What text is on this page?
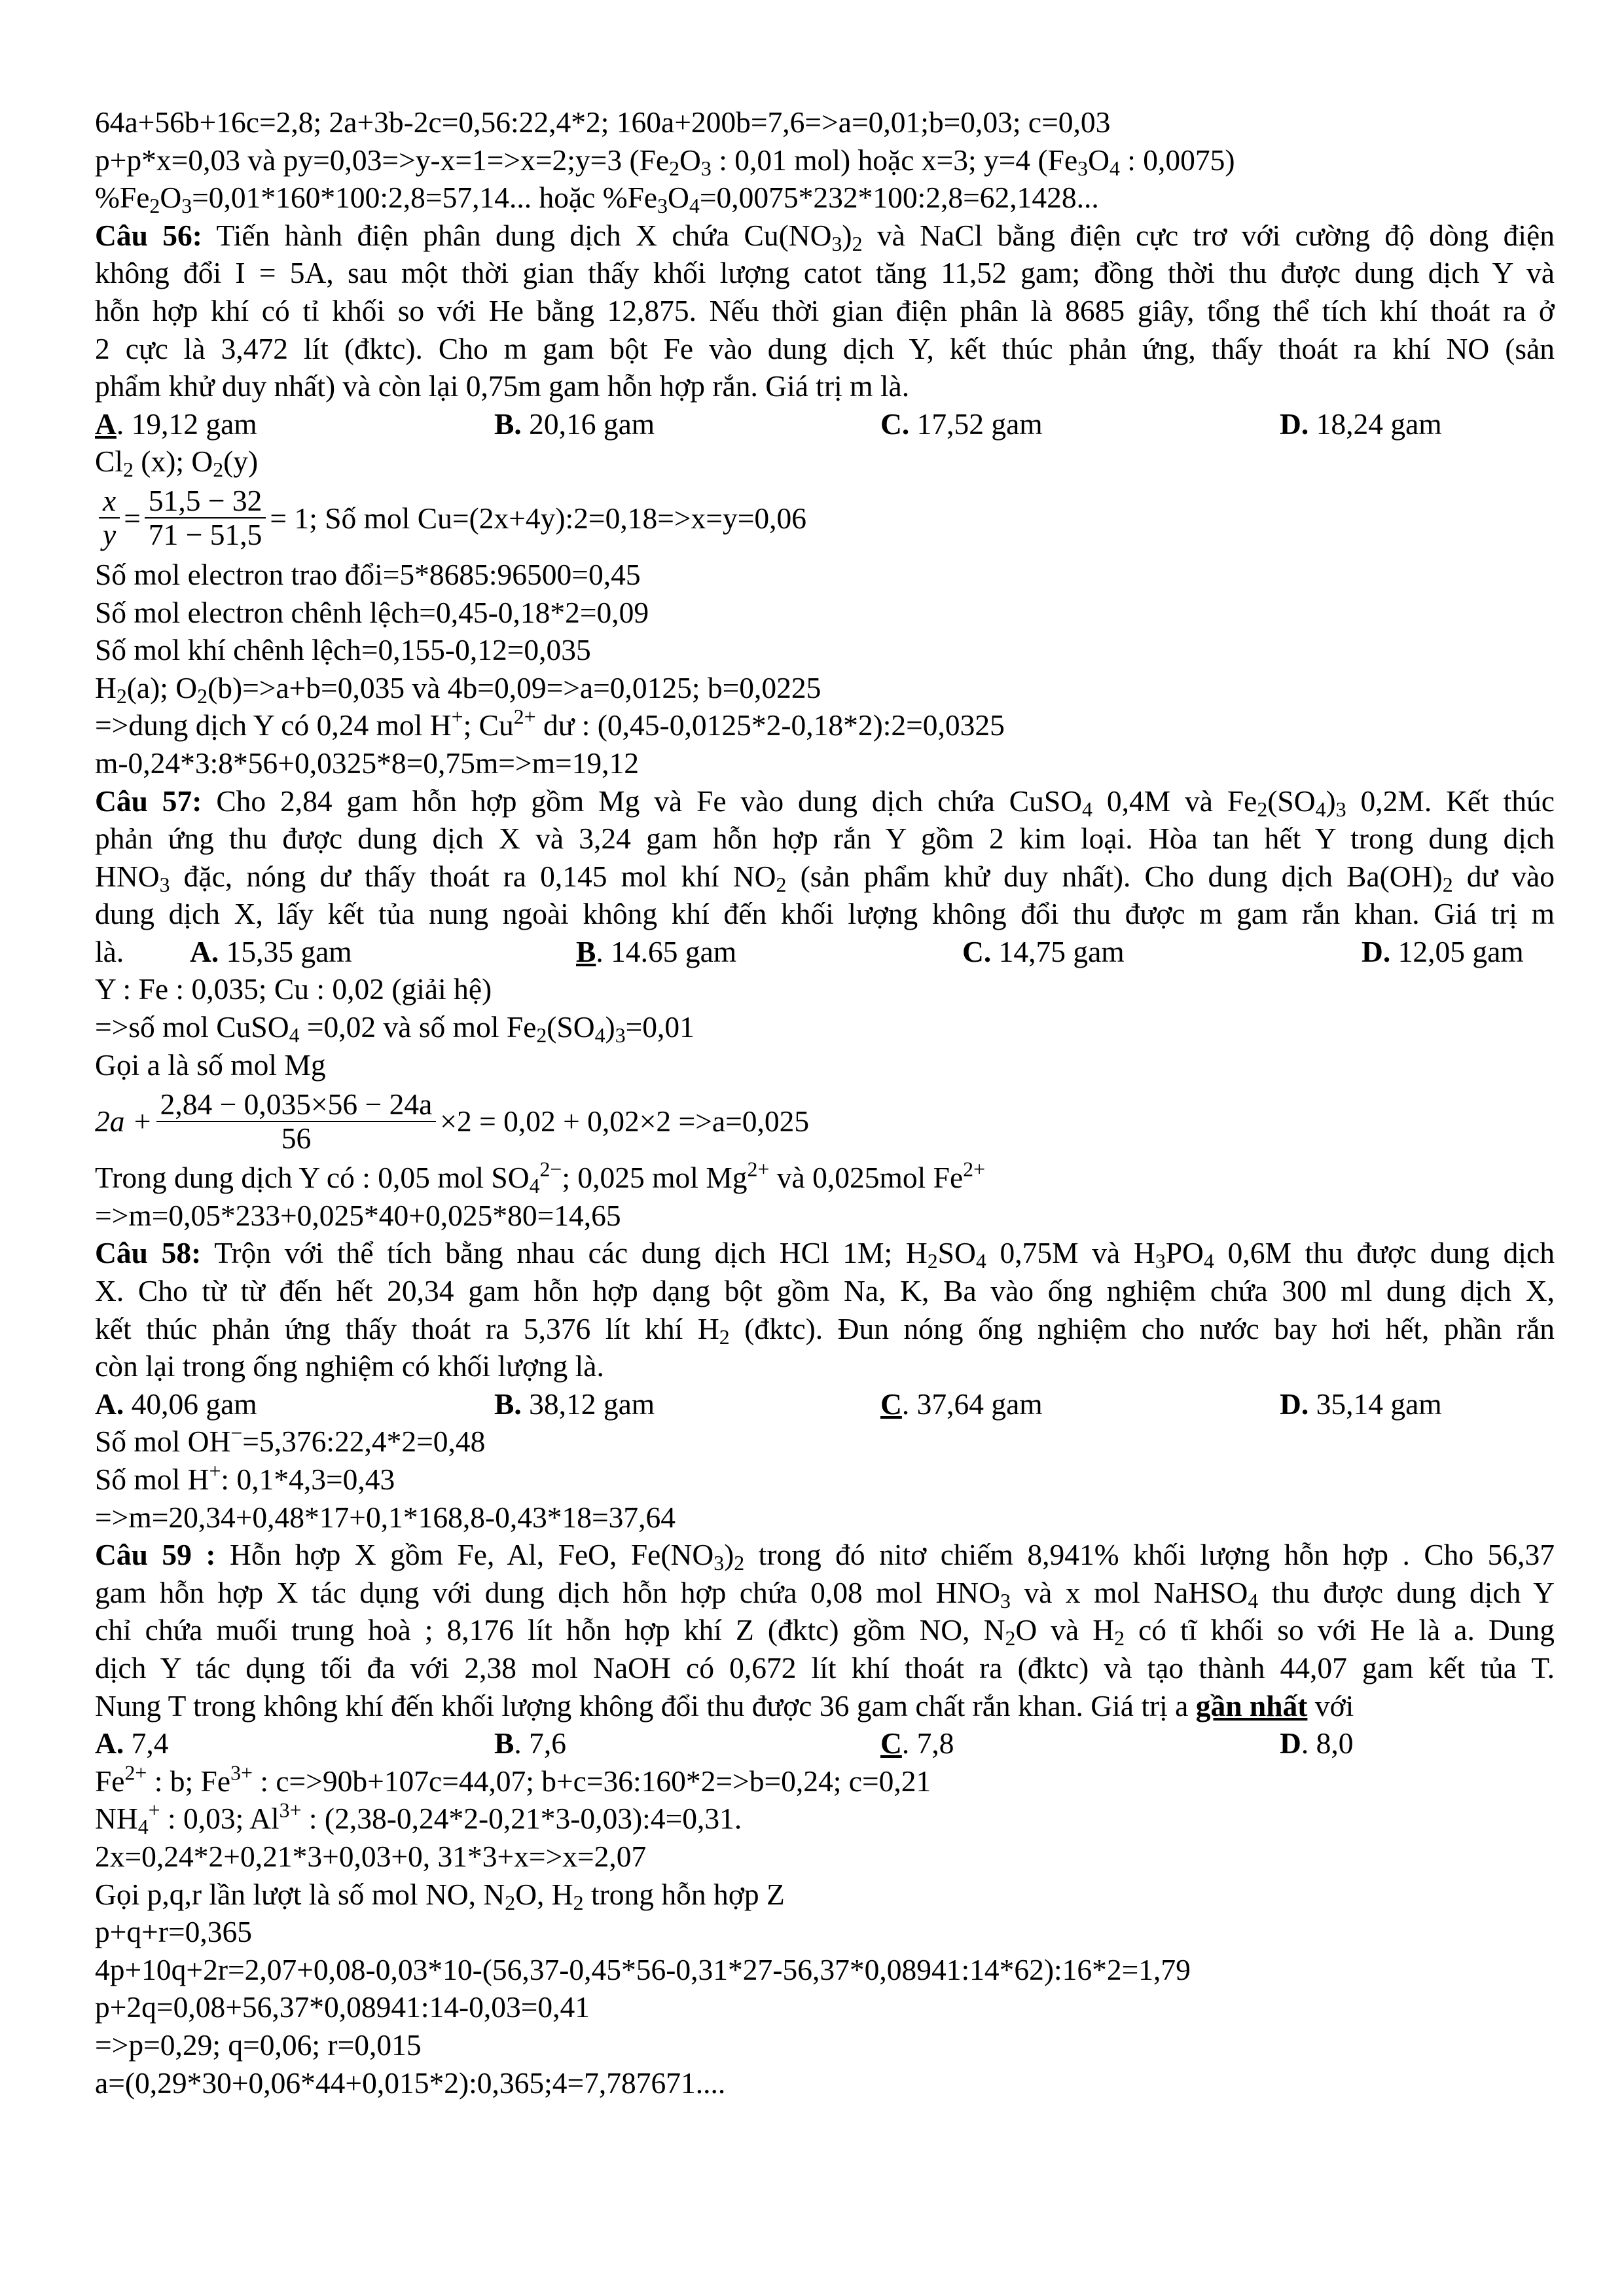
64a+56b+16c=2,8; 2a+3b-2c=0,56:22,4*2; 160a+200b=7,6=>a=0,01;b=0,03; c=0,03
p+p*x=0,03 và py=0,03=>y-x=1=>x=2;y=3 ($Fe_2O_3$ : 0,01 mol) hoặc x=3; y=4 ($Fe_3O_4$ : 0,0075)
$\%Fe_2O_3=0,01*160*100:2,8=57,14$... hoặc $\%Fe_3O_4=0,0075*232*100:2,8=62,1428$...
Câu 56: Tiến hành điện phân dung dịch X chứa $Cu(NO_3)_2$ và NaCl bằng điện cực trơ với cường độ dòng điện
không đổi I = 5A, sau một thời gian thấy khối lượng catot tăng 11,52 gam; đồng thời thu được dung dịch Y và
hỗn hợp khí có tỉ khối so với He bằng 12,875. Nếu thời gian điện phân là 8685 giây, tổng thể tích khí thoát ra ở
2 cực là 3,472 lít (đktc). Cho m gam bột Fe vào dung dịch Y, kết thúc phản ứng, thấy thoát ra khí NO (sản
phẩm khử duy nhất) và còn lại 0,75m gam hỗn hợp rắn. Giá trị m là.
A. 19,12 gam	B. 20,16 gam	C. 17,52 gam	D. 18,24 gam
$Cl_2$ (x); $O_2(y)$
$\frac{x}{y} = \frac{51,5 - 32}{71 - 51,5} = 1$; Số mol Cu=(2x+4y):2=0,18=>x=y=0,06
Số mol electron trao đổi=5*8685:96500=0,45
Số mol electron chênh lệch=0,45-0,18*2=0,09
Số mol khí chênh lệch=0,155-0,12=0,035
$H_2(a)$; $O_2(b)=>a+b=0,035$ và 4b=0,09=>a=0,0125; b=0,0225
=>dung dịch Y có 0,24 mol H+; $Cu^{2+}$ dư : (0,45-0,0125*2-0,18*2):2=0,0325
m-0,24*3:8*56+0,0325*8=0,75m=>m=19,12
Câu 57: Cho 2,84 gam hỗn hợp gồm Mg và Fe vào dung dịch chứa CuSO$_4$ 0,4M và $Fe_2(SO_4)_3$ 0,2M. Kết thúc
phản ứng thu được dung dịch X và 3,24 gam hỗn hợp rắn Y gồm 2 kim loại. Hòa tan hết Y trong dung dịch
$HNO_3$ đặc, nóng dư thấy thoát ra 0,145 mol khí $NO_2$ (sản phẩm khử duy nhất). Cho dung dịch $Ba(OH)_2$ dư vào
dung dịch X, lấy kết tủa nung ngoài không khí đến khối lượng không đổi thu được m gam rắn khan. Giá trị m
là.	A. 15,35 gam	B. 14.65 gam	C. 14,75 gam	D. 12,05 gam
Y : Fe : 0,035; Cu : 0,02 (giải hệ)
=>số mol CuSO$_4$ =0,02 và số mol $Fe_2(SO_4)_3=0,01$
Gọi a là số mol Mg
$2a + \frac{2,84 - 0,035\times 56 - 24a}{56} \times 2 = 0,02 + 0,02\times 2 =>a=0,025$
Trong dung dịch Y có : 0,05 mol $SO_4^{2-}$; 0,025 mol $Mg^{2+}$ và 0,025mol $Fe^{2+}$
=>m=0,05*233+0,025*40+0,025*80=14,65
Câu 58: Trộn với thể tích bằng nhau các dung dịch HCl 1M; $H_2SO_4$ 0,75M và $H_3PO_4$ 0,6M thu được dung dịch
X. Cho từ từ đến hết 20,34 gam hỗn hợp dạng bột gồm Na, K, Ba vào ống nghiệm chứa 300 ml dung dịch X,
kết thúc phản ứng thấy thoát ra 5,376 lít khí $H_2$ (đktc). Đun nóng ống nghiệm cho nước bay hơi hết, phần rắn
còn lại trong ống nghiệm có khối lượng là.
A. 40,06 gam	B. 38,12 gam	C. 37,64 gam	D. 35,14 gam
Số mol OH−=5,376:22,4*2=0,48
Số mol H+: 0,1*4,3=0,43
=>m=20,34+0,48*17+0,1*168,8-0,43*18=37,64
Câu 59 : Hỗn hợp X gồm Fe, Al, FeO, $Fe(NO_3)_2$ trong đó nitơ chiếm 8,941% khối lượng hỗn hợp . Cho 56,37
gam hỗn hợp X tác dụng với dung dịch hỗn hợp chứa 0,08 mol $HNO_3$ và x mol NaHSO$_4$ thu được dung dịch Y
chỉ chứa muối trung hoà ; 8,176 lít hỗn hợp khí Z (đktc) gồm NO, $N_2O$ và $H_2$ có tĩ khối so với He là a. Dung
dịch Y tác dụng tối đa với 2,38 mol NaOH có 0,672 lít khí thoát ra (đktc) và tạo thành 44,07 gam kết tủa T.
Nung T trong không khí đến khối lượng không đổi thu được 36 gam chất rắn khan. Giá trị a gần nhất với
A. 7,4	B. 7,6	C. 7,8	D. 8,0
$Fe^{2+}$ : b; $Fe^{3+}$ : c=>90b+107c=44,07; b+c=36:160*2=>b=0,24; c=0,21
$NH_4^+$ : 0,03; $Al^{3+}$ : (2,38-0,24*2-0,21*3-0,03):4=0,31.
2x=0,24*2+0,21*3+0,03+0, 31*3+x=>x=2,07
Gọi p,q,r lần lượt là số mol NO, $N_2O$, $H_2$ trong hỗn hợp Z
p+q+r=0,365
4p+10q+2r=2,07+0,08-0,03*10-(56,37-0,45*56-0,31*27-56,37*0,08941:14*62):16*2=1,79
p+2q=0,08+56,37*0,08941:14-0,03=0,41
=>p=0,29; q=0,06; r=0,015
a=(0,29*30+0,06*44+0,015*2):0,365;4=7,787671....
